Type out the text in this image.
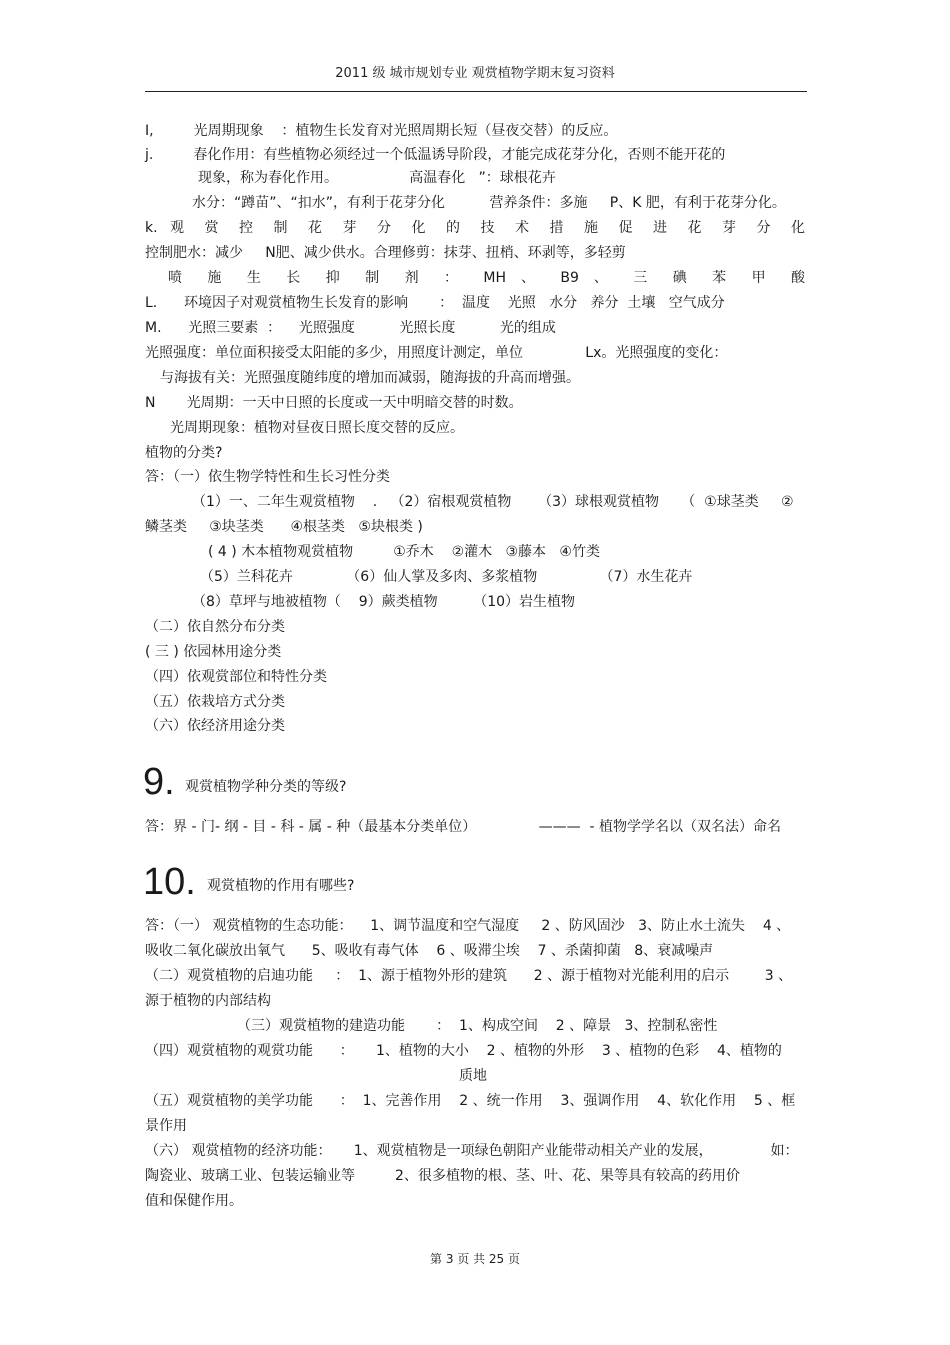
2011 级 城市规划专业 观赏植物学期末复习资料
I,         光周期现象    ：植物生长发育对光照周期长短（昼夜交替）的反应。
j.         春化作用：有些植物必须经过一个低温诱导阶段，才能完成花芽分化，否则不能开花的
现象，称为春化作用。                高温春化   ”：球根花卉
水分：“蹲苗”、“扣水”，有利于花芽分化          营养条件：多施     P、K 肥，有利于花芽分化。
k. 观 赏 控 制 花 芽 分 化 的 技 术 措 施 促 进 花 芽 分 化
控制肥水：减少     N肥、减少供水。合理修剪：抹芽、扭梢、环剥等，多轻剪
喷 施 生 长 抑 制 剂 ： MH 、 B9 、 三 碘 苯 甲 酸
L.      环境因子对观赏植物生长发育的影响       ：  温度    光照   水分   养分  土壤   空气成分
M.      光照三要素  ：    光照强度          光照长度          光的组成
光照强度：单位面积接受太阳能的多少，用照度计测定，单位              Lx。光照强度的变化：
与海拔有关：光照强度随纬度的增加而减弱，随海拔的升高而增强。
N       光周期：一天中日照的长度或一天中明暗交替的时数。
光周期现象：植物对昼夜日照长度交替的反应。
植物的分类?
答：（一）依生物学特性和生长习性分类
（1）一、二年生观赏植物    .   （2）宿根观赏植物      （3）球根观赏植物     （  ①球茎类     ②
鳞茎类     ③块茎类      ④根茎类   ⑤块根类 )
( 4 ) 木本植物观赏植物         ①乔木    ②灌木   ③藤本   ④竹类
（5）兰科花卉            （6）仙人掌及多肉、多浆植物              （7）水生花卉
（8）草坪与地被植物（    9）蕨类植物        （10）岩生植物
（二）依自然分布分类
( 三 ) 依园林用途分类
（四）依观赏部位和特性分类
（五）依栽培方式分类
（六）依经济用途分类
9. 观赏植物学种分类的等级?
答：界 - 门- 纲 - 目 - 科 - 属 - 种（最基本分类单位）              ———  - 植物学学名以（双名法）命名
10. 观赏植物的作用有哪些?
答：（一） 观赏植物的生态功能：    1、调节温度和空气湿度     2 、防风固沙   3、防止水土流失    4 、
吸收二氧化碳放出氧气      5、吸收有毒气体    6 、吸滞尘埃    7 、杀菌抑菌   8、衰减噪声
（二）观赏植物的启迪功能     ：  1、源于植物外形的建筑      2 、源于植物对光能利用的启示        3 、
源于植物的内部结构
（三）观赏植物的建造功能       ：  1、构成空间    2 、障景   3、控制私密性
（四）观赏植物的观赏功能      ：     1、植物的大小    2 、植物的外形    3 、植物的色彩    4、植物的
质地
（五）观赏植物的美学功能      ：  1、完善作用    2 、统一作用    3、强调作用    4、软化作用    5 、框
景作用
（六） 观赏植物的经济功能：     1、观赏植物是一项绿色朝阳产业能带动相关产业的发展，             如：
陶瓷业、玻璃工业、包装运输业等         2、很多植物的根、茎、叶、花、果等具有较高的药用价
值和保健作用。
第 3 页 共 25 页
